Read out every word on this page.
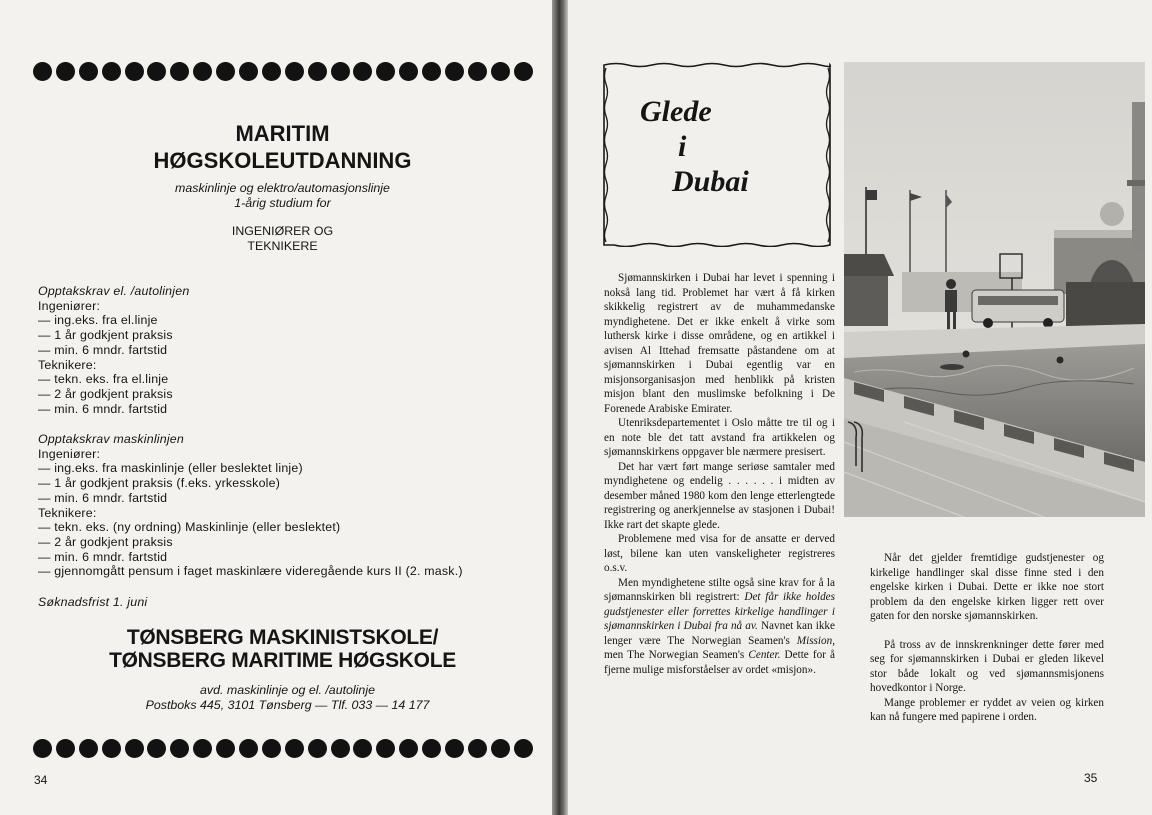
MARITIM
HØGSKOLEUTDANNING
maskinlinje og elektro/automasjonslinje
1-årig studium for
INGENIØRER OG
TEKNIKERE
Opptakskrav el. /autolinjen
Ingeniører:
— ing.eks. fra el.linje
— 1 år godkjent praksis
— min. 6 mndr. fartstid
Teknikere:
— tekn. eks. fra el.linje
— 2 år godkjent praksis
— min. 6 mndr. fartstid
Opptakskrav maskinlinjen
Ingeniører:
— ing.eks. fra maskinlinje (eller beslektet linje)
— 1 år godkjent praksis (f.eks. yrkesskole)
— min. 6 mndr. fartstid
Teknikere:
— tekn. eks. (ny ordning) Maskinlinje (eller beslektet)
— 2 år godkjent praksis
— min. 6 mndr. fartstid
— gjennomgått pensum i faget maskinlære videregående kurs II (2. mask.)
Søknadsfrist 1. juni
TØNSBERG MASKINISTSKOLE/
TØNSBERG MARITIME HØGSKOLE
avd. maskinlinje og el. /autolinje
Postboks 445, 3101 Tønsberg — Tlf. 033 — 14 177
34
Glede
i
Dubai

Sjømannskirken i Dubai har levet i spenning i nokså lang tid. Problemet har vært å få kirken skikkelig registrert av de muhammedanske myndighetene. Det er ikke enkelt å virke som luthersk kirke i disse områdene, og en artikkel i avisen Al Ittehad fremsatte påstandene om at sjømannskirken i Dubai egentlig var en misjonsorganisasjon med henblikk på kristen misjon blant den muslimske befolkning i De Forenede Arabiske Emirater.

Utenriksdepartementet i Oslo måtte tre til og i en note ble det tatt avstand fra artikkelen og sjømannskirkens oppgaver ble nærmere presisert.

Det har vært ført mange seriøse samtaler med myndighetene og endelig . . . . . . i midten av desember måned 1980 kom den lenge etterlengtede registrering og anerkjennelse av stasjonen i Dubai! Ikke rart det skapte glede.

Problemene med visa for de ansatte er derved løst, bilene kan uten vanskeligheter registreres o.s.v.

Men myndighetene stilte også sine krav for å la sjømannskirken bli registrert: Det får ikke holdes gudstjenester eller forrettes kirkelige handlinger i sjømannskirken i Dubai fra nå av. Navnet kan ikke lenger være The Norwegian Seamen's Mission, men The Norwegian Seamen's Center. Dette for å fjerne mulige misforståelser av ordet «misjon».

Når det gjelder fremtidige gudstjenester og kirkelige handlinger skal disse finne sted i den engelske kirken i Dubai. Dette er ikke noe stort problem da den engelske kirken ligger rett over gaten for den norske sjømannskirken.

På tross av de innskrenkninger dette fører med seg for sjømannskirken i Dubai er gleden likevel stor både lokalt og ved sjømannsmisjonens hovedkontor i Norge.

Mange problemer er ryddet av veien og kirken kan nå fungere med papirene i orden.

35
